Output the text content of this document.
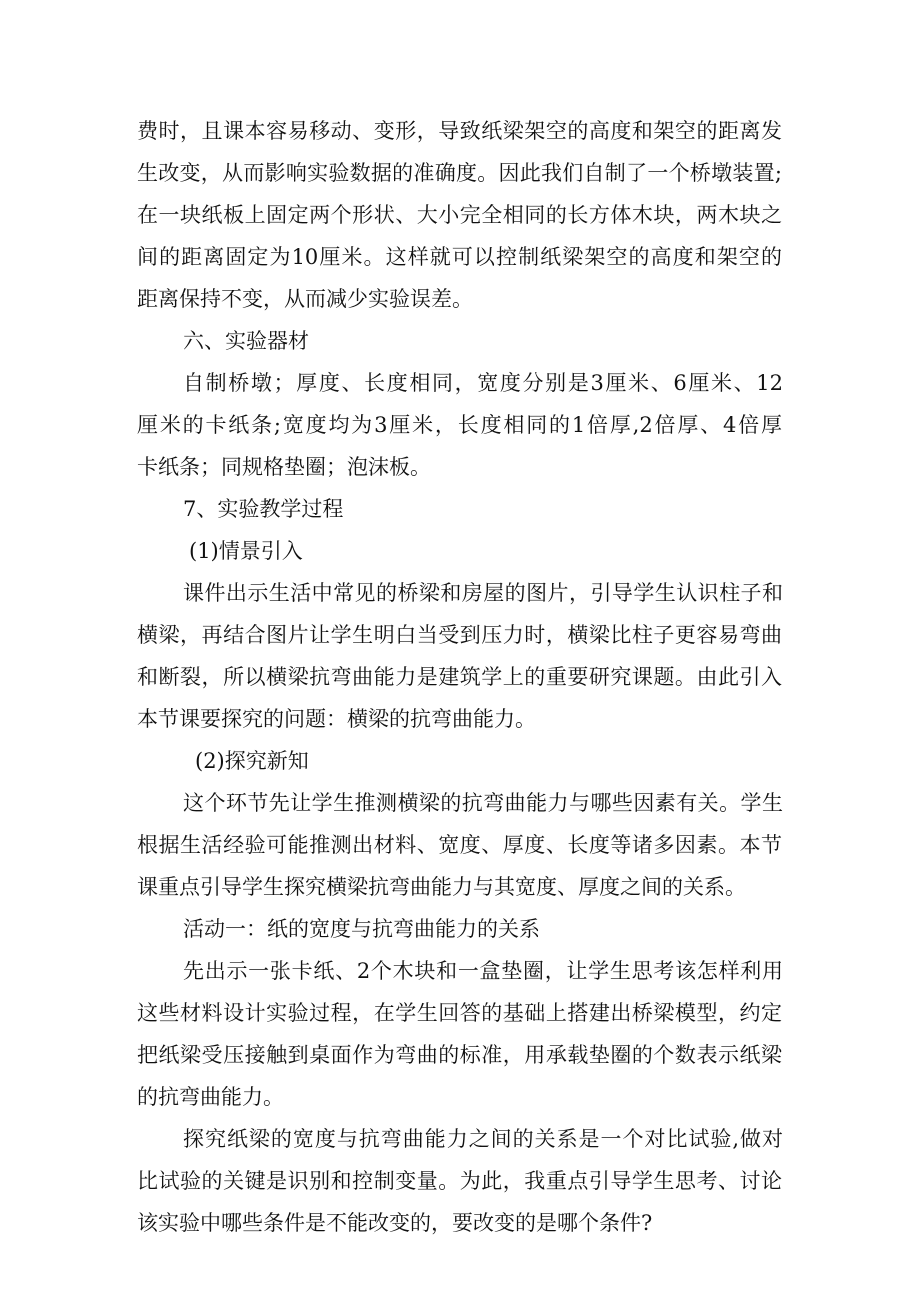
费时，且课本容易移动、变形，导致纸梁架空的高度和架空的距离发
生改变，从而影响实验数据的准确度。因此我们自制了一个桥墩装置;
在一块纸板上固定两个形状、大小完全相同的长方体木块，两木块之
间的距离固定为10厘米。这样就可以控制纸梁架空的高度和架空的
距离保持不变，从而减少实验误差。
六、实验器材
自制桥墩；厚度、长度相同，宽度分别是3厘米、6厘米、12
厘米的卡纸条;宽度均为3厘米，长度相同的1倍厚,2倍厚、4倍厚
卡纸条；同规格垫圈；泡沫板。
7、实验教学过程
(1)情景引入
课件出示生活中常见的桥梁和房屋的图片，引导学生认识柱子和
横梁，再结合图片让学生明白当受到压力时，横梁比柱子更容易弯曲
和断裂，所以横梁抗弯曲能力是建筑学上的重要研究课题。由此引入
本节课要探究的问题：横梁的抗弯曲能力。
(2)探究新知
这个环节先让学生推测横梁的抗弯曲能力与哪些因素有关。学生
根据生活经验可能推测出材料、宽度、厚度、长度等诸多因素。本节
课重点引导学生探究横梁抗弯曲能力与其宽度、厚度之间的关系。
活动一：纸的宽度与抗弯曲能力的关系
先出示一张卡纸、2个木块和一盒垫圈，让学生思考该怎样利用
这些材料设计实验过程，在学生回答的基础上搭建出桥梁模型，约定
把纸梁受压接触到桌面作为弯曲的标准，用承载垫圈的个数表示纸梁
的抗弯曲能力。
探究纸梁的宽度与抗弯曲能力之间的关系是一个对比试验,做对
比试验的关键是识别和控制变量。为此，我重点引导学生思考、讨论
该实验中哪些条件是不能改变的，要改变的是哪个条件?
